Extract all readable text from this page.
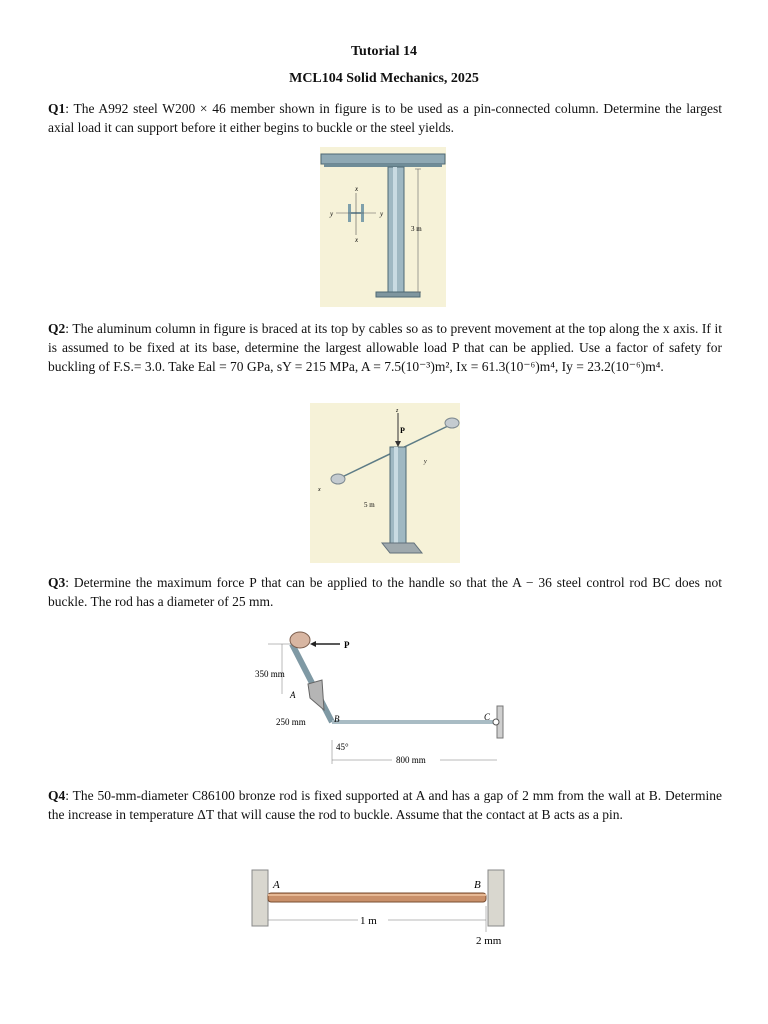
Tutorial 14
MCL104 Solid Mechanics, 2025
Q1: The A992 steel W200 × 46 member shown in figure is to be used as a pin-connected column. Determine the largest axial load it can support before it either begins to buckle or the steel yields.
y	y
x
x
3 m
Q2: The aluminum column in figure is braced at its top by cables so as to prevent movement at the top along the x axis. If it is assumed to be fixed at its base, determine the largest allowable load P that can be applied. Use a factor of safety for buckling of F.S.= 3.0. Take Eal = 70 GPa, sY = 215 MPa, A = 7.5(10⁻³)m², Ix = 61.3(10⁻⁶)m⁴, Iy = 23.2(10⁻⁶)m⁴.
P
z
y
x
5 m
Q3: Determine the maximum force P that can be applied to the handle so that the A − 36 steel control rod BC does not buckle. The rod has a diameter of 25 mm.
P
350 mm
A
250 mm	B	C
45°
800 mm
Q4: The 50-mm-diameter C86100 bronze rod is fixed supported at A and has a gap of 2 mm from the wall at B. Determine the increase in temperature ΔT that will cause the rod to buckle. Assume that the contact at B acts as a pin.
A	B
1 m
2 mm
